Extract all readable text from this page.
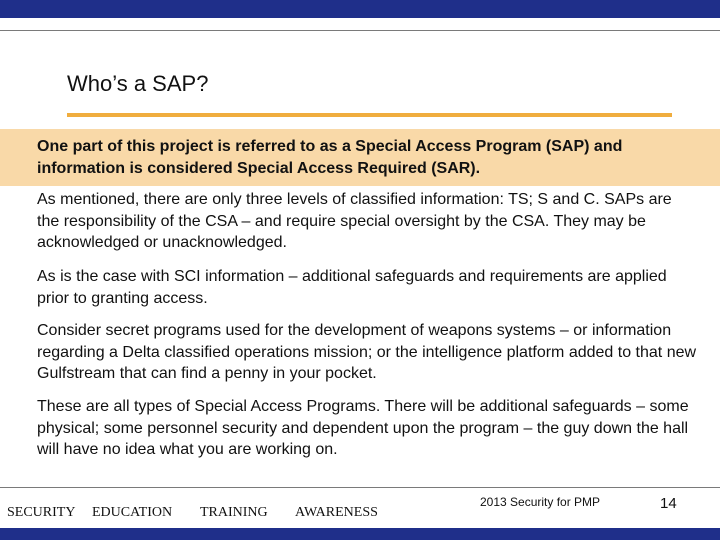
Who’s a SAP?

One part of this project is referred to as a Special Access Program (SAP) and information is considered Special Access Required (SAR).

As mentioned, there are only three levels of classified information: TS; S and C. SAPs are the responsibility of the CSA – and require special oversight by the CSA. They may be acknowledged or unacknowledged.

As is the case with SCI information – additional safeguards and requirements are applied prior to granting access.

Consider secret programs used for the development of weapons systems – or information regarding a Delta classified operations mission; or the intelligence platform added to that new Gulfstream that can find a penny in your pocket.

These are all types of Special Access Programs. There will be additional safeguards – some physical; some personnel security and dependent upon the program – the guy down the hall will have no idea what you are working on.

SECURITY EDUCATION TRAINING AWARENESS
2013 Security for PMP	14
